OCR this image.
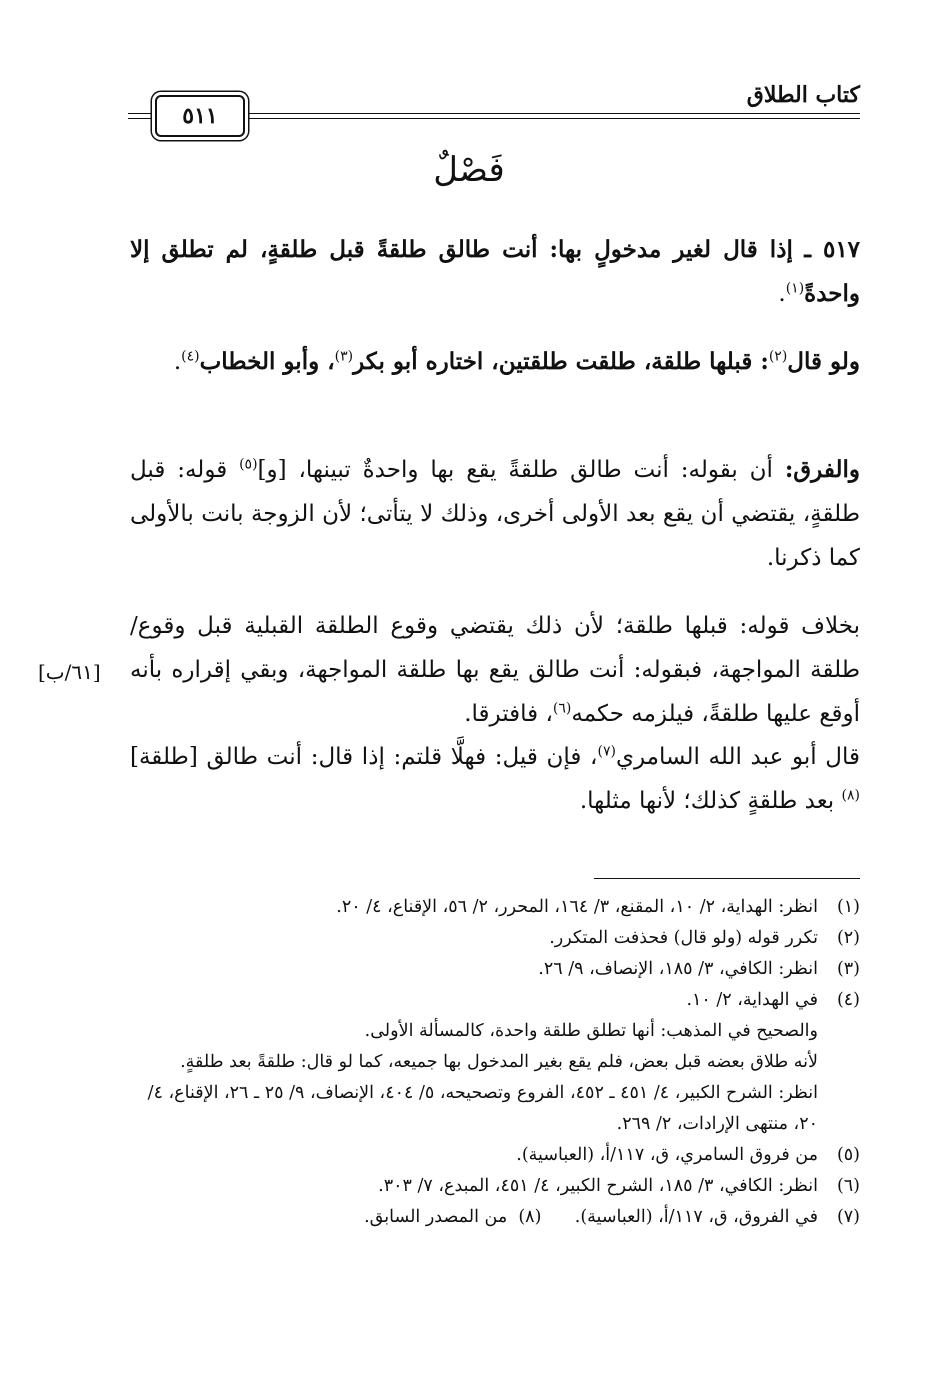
كتاب الطلاق
٥١١
فَصْلٌ
٥١٧ ـ إذا قال لغير مدخولٍ بها: أنت طالق طلقةً قبل طلقةٍ، لم تطلق إلا واحدةً$^{(١)}$.
ولو قال$^{(٢)}$: قبلها طلقة، طلقت طلقتين، اختاره أبو بكر$^{(٣)}$، وأبو الخطاب$^{(٤)}$.
والفرق: أن بقوله: أنت طالق طلقةً يقع بها واحدةٌ تبينها، [و]$^{(٥)}$ قوله: قبل طلقةٍ، يقتضي أن يقع بعد الأولى أخرى، وذلك لا يتأتى؛ لأن الزوجة بانت بالأولى كما ذكرنا.
بخلاف قوله: قبلها طلقة؛ لأن ذلك يقتضي وقوع الطلقة القبلية قبل وقوع/ طلقة المواجهة، فبقوله: أنت طالق يقع بها طلقة المواجهة، وبقي إقراره بأنه أوقع عليها طلقةً، فيلزمه حكمه$^{(٦)}$، فافترقا.
[٦١/ب]
قال أبو عبد الله السامري$^{(٧)}$، فإن قيل: فهلَّا قلتم: إذا قال: أنت طالق [طلقة]$^{(٨)}$ بعد طلقةٍ كذلك؛ لأنها مثلها.
(١)
انظر: الهداية، ٢/ ١٠، المقنع، ٣/ ١٦٤، المحرر، ٢/ ٥٦، الإقناع، ٤/ ٢٠.
(٢)
تكرر قوله (ولو قال) فحذفت المتكرر.
(٣)
انظر: الكافي، ٣/ ١٨٥، الإنصاف، ٩/ ٢٦.
(٤)
في الهداية، ٢/ ١٠.
والصحيح في المذهب: أنها تطلق طلقة واحدة، كالمسألة الأولى.
لأنه طلاق بعضه قبل بعض، فلم يقع بغير المدخول بها جميعه، كما لو قال: طلقةً بعد طلقةٍ.
انظر: الشرح الكبير، ٤/ ٤٥١ ـ ٤٥٢، الفروع وتصحيحه، ٥/ ٤٠٤، الإنصاف، ٩/ ٢٥ ـ ٢٦، الإقناع، ٤/ ٢٠، منتهى الإرادات، ٢/ ٢٦٩.
(٥)
من فروق السامري، ق، ١١٧/أ، (العباسية).
(٦)
انظر: الكافي، ٣/ ١٨٥، الشرح الكبير، ٤/ ٤٥١، المبدع، ٧/ ٣٠٣.
(٧)
في الفروق، ق، ١١٧/أ، (العباسية).      (٨)  من المصدر السابق.
